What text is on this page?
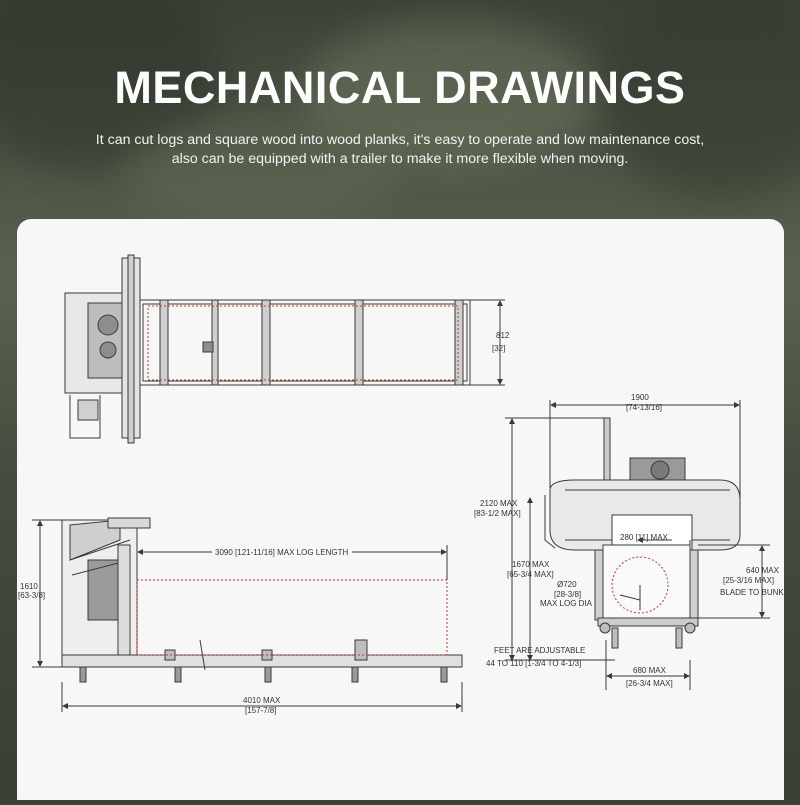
MECHANICAL DRAWINGS

It can cut logs and square wood into wood planks, it's easy to operate and low maintenance cost,
also can be equipped with a trailer to make it more flexible when moving.

812
[32]
1610
[63-3/8]
3090 [121-11/16] MAX LOG LENGTH
4010 MAX
[157-7/8]
1900
[74-13/16]
2120 MAX
[83-1/2 MAX]
280 [11] MAX
1670 MAX
[65-3/4 MAX]
Ø720
[28-3/8]
MAX LOG DIA
640 MAX
[25-3/16 MAX]
BLADE TO BUNK
FEET ARE ADJUSTABLE
44 TO 110 [1-3/4 TO 4-1/3]
680 MAX
[26-3/4 MAX]
